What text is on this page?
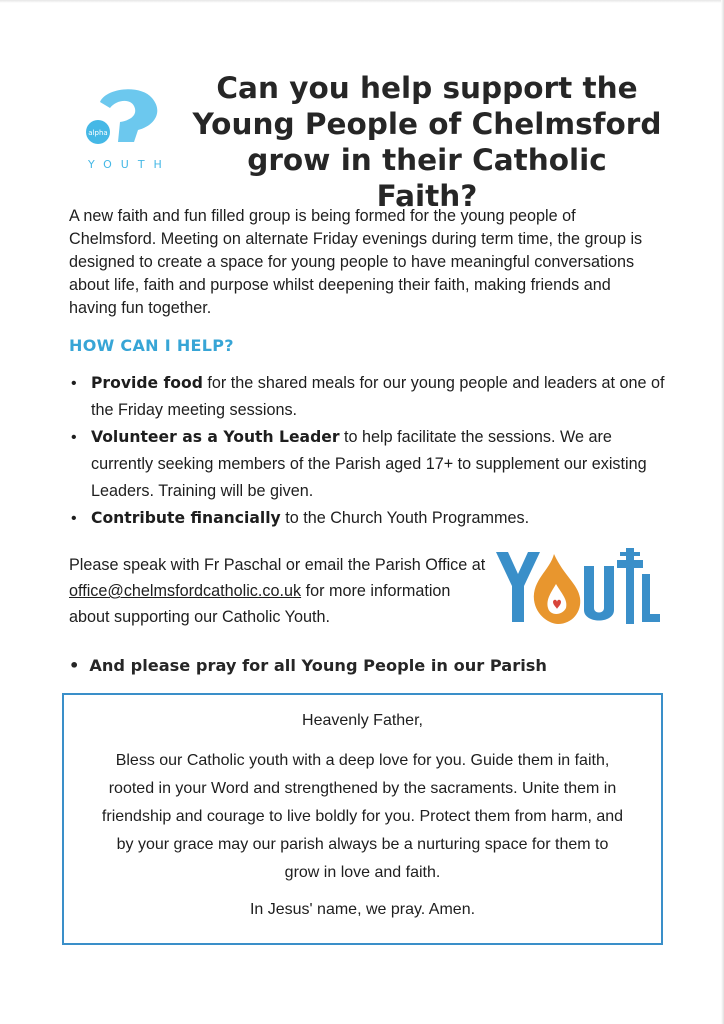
alpha
YOUTH
Can you help support the
Young People of Chelmsford
grow in their Catholic Faith?
A new faith and fun filled group is being formed for the young people of Chelmsford. Meeting on alternate Friday evenings during term time, the group is designed to create a space for young people to have meaningful conversations about life, faith and purpose whilst deepening their faith, making friends and having fun together.
HOW CAN I HELP?
• Provide food for the shared meals for our young people and leaders at one of the Friday meeting sessions.
• Volunteer as a Youth Leader to help facilitate the sessions. We are currently seeking members of the Parish aged 17+ to supplement our existing Leaders. Training will be given.
• Contribute financially to the Church Youth Programmes.
Please speak with Fr Paschal or email the Parish Office at office@chelmsfordcatholic.co.uk for more information about supporting our Catholic Youth.
• And please pray for all Young People in our Parish
Heavenly Father,
Bless our Catholic youth with a deep love for you. Guide them in faith,
rooted in your Word and strengthened by the sacraments. Unite them in
friendship and courage to live boldly for you. Protect them from harm, and
by your grace may our parish always be a nurturing space for them to
grow in love and faith.
In Jesus' name, we pray. Amen.
